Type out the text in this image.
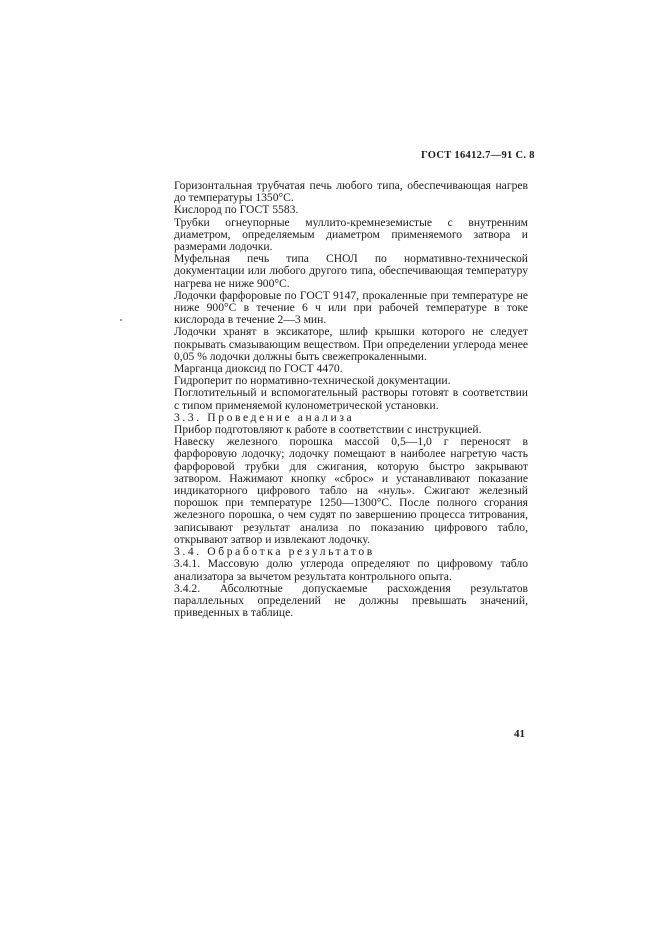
ГОСТ 16412.7—91 С. 8

Горизонтальная трубчатая печь любого типа, обеспечивающая нагрев до температуры 1350°С.

Кислород по ГОСТ 5583.

Трубки огнеупорные муллито-кремнеземистые с внутренним диаметром, определяемым диаметром применяемого затвора и размерами лодочки.

Муфельная печь типа СНОЛ по нормативно-технической документации или любого другого типа, обеспечивающая температуру нагрева не ниже 900°С.

Лодочки фарфоровые по ГОСТ 9147, прокаленные при температуре не ниже 900°С в течение 6 ч или при рабочей температуре в токе кислорода в течение 2—3 мин.

Лодочки хранят в эксикаторе, шлиф крышки которого не следует покрывать смазывающим веществом. При определении углерода менее 0,05 % лодочки должны быть свежепрокаленными.

Марганца диоксид по ГОСТ 4470.

Гидроперит по нормативно-технической документации.

Поглотительный и вспомогательный растворы готовят в соответствии с типом применяемой кулонометрической установки.

3.3. Проведение анализа

Прибор подготовляют к работе в соответствии с инструкцией.

Навеску железного порошка массой 0,5—1,0 г переносят в фарфоровую лодочку; лодочку помещают в наиболее нагретую часть фарфоровой трубки для сжигания, которую быстро закрывают затвором. Нажимают кнопку «сброс» и устанавливают показание индикаторного цифрового табло на «нуль». Сжигают железный порошок при температуре 1250—1300°С. После полного сгорания железного порошка, о чем судят по завершению процесса титрования, записывают результат анализа по показанию цифрового табло, открывают затвор и извлекают лодочку.

3.4. Обработка результатов

3.4.1. Массовую долю углерода определяют по цифровому табло анализатора за вычетом результата контрольного опыта.

3.4.2. Абсолютные допускаемые расхождения результатов параллельных определений не должны превышать значений, приведенных в таблице.

41
